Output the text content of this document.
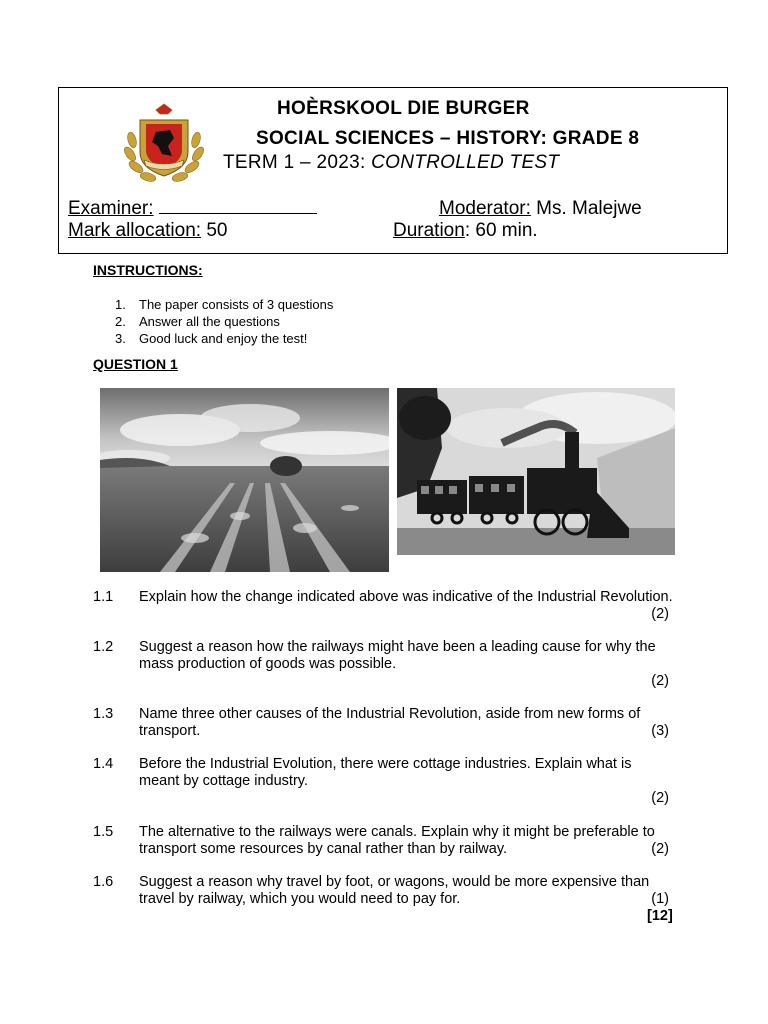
HOÈRSKOOL DIE BURGER
SOCIAL SCIENCES – HISTORY: GRADE 8
TERM 1 – 2023: CONTROLLED TEST
Examiner:	Moderator: Ms. Malejwe
Mark allocation: 50	Duration: 60 min.
INSTRUCTIONS:
1. The paper consists of 3 questions
2. Answer all the questions
3. Good luck and enjoy the test!
QUESTION 1
1.1 Explain how the change indicated above was indicative of the Industrial Revolution.
(2)
1.2 Suggest a reason how the railways might have been a leading cause for why the mass production of goods was possible.
(2)
1.3 Name three other causes of the Industrial Revolution, aside from new forms of transport.	(3)
1.4 Before the Industrial Evolution, there were cottage industries. Explain what is meant by cottage industry.
(2)
1.5 The alternative to the railways were canals. Explain why it might be preferable to transport some resources by canal rather than by railway.	(2)
1.6 Suggest a reason why travel by foot, or wagons, would be more expensive than travel by railway, which you would need to pay for.	(1)
[12]
